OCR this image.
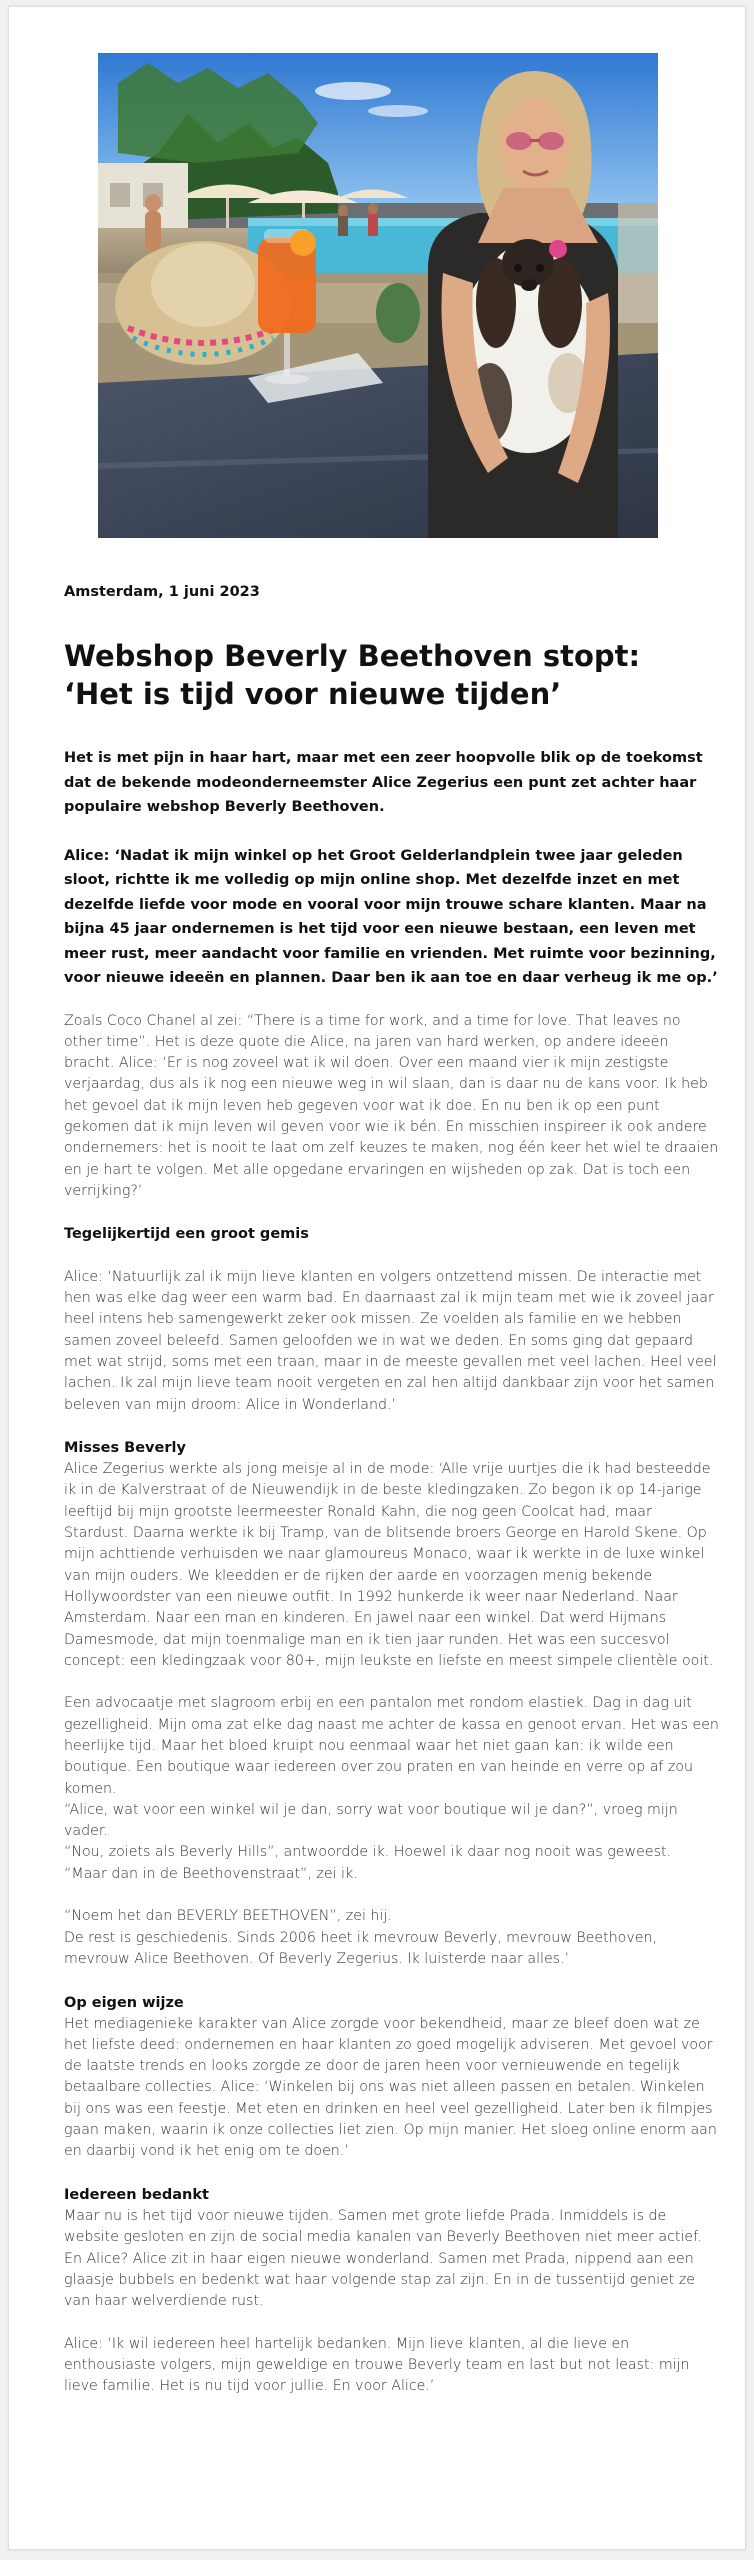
Amsterdam, 1 juni 2023

Webshop Beverly Beethoven stopt:
‘Het is tijd voor nieuwe tijden’

Het is met pijn in haar hart, maar met een zeer hoopvolle blik op de toekomst dat de bekende modeonderneemster Alice Zegerius een punt zet achter haar populaire webshop Beverly Beethoven.

Alice: ‘Nadat ik mijn winkel op het Groot Gelderlandplein twee jaar geleden sloot, richtte ik me volledig op mijn online shop. Met dezelfde inzet en met dezelfde liefde voor mode en vooral voor mijn trouwe schare klanten. Maar na bijna 45 jaar ondernemen is het tijd voor een nieuwe bestaan, een leven met meer rust, meer aandacht voor familie en vrienden. Met ruimte voor bezinning, voor nieuwe ideeën en plannen. Daar ben ik aan toe en daar verheug ik me op.’

Zoals Coco Chanel al zei: “There is a time for work, and a time for love. That leaves no other time”. Het is deze quote die Alice, na jaren van hard werken, op andere ideeën bracht. Alice: ‘Er is nog zoveel wat ik wil doen. Over een maand vier ik mijn zestigste verjaardag, dus als ik nog een nieuwe weg in wil slaan, dan is daar nu de kans voor. Ik heb het gevoel dat ik mijn leven heb gegeven voor wat ik doe. En nu ben ik op een punt gekomen dat ik mijn leven wil geven voor wie ik bén. En misschien inspireer ik ook andere ondernemers: het is nooit te laat om zelf keuzes te maken, nog één keer het wiel te draaien en je hart te volgen. Met alle opgedane ervaringen en wijsheden op zak. Dat is toch een verrijking?’

Tegelijkertijd een groot gemis

Alice: ‘Natuurlijk zal ik mijn lieve klanten en volgers ontzettend missen. De interactie met hen was elke dag weer een warm bad. En daarnaast zal ik mijn team met wie ik zoveel jaar heel intens heb samengewerkt zeker ook missen. Ze voelden als familie en we hebben samen zoveel beleefd. Samen geloofden we in wat we deden. En soms ging dat gepaard met wat strijd, soms met een traan, maar in de meeste gevallen met veel lachen. Heel veel lachen. Ik zal mijn lieve team nooit vergeten en zal hen altijd dankbaar zijn voor het samen beleven van mijn droom: Alice in Wonderland.’

Misses Beverly

Alice Zegerius werkte als jong meisje al in de mode: ‘Alle vrije uurtjes die ik had besteedde ik in de Kalverstraat of de Nieuwendijk in de beste kledingzaken. Zo begon ik op 14-jarige leeftijd bij mijn grootste leermeester Ronald Kahn, die nog geen Coolcat had, maar Stardust. Daarna werkte ik bij Tramp, van de blitsende broers George en Harold Skene. Op mijn achttiende verhuisden we naar glamoureus Monaco, waar ik werkte in de luxe winkel van mijn ouders. We kleedden er de rijken der aarde en voorzagen menig bekende Hollywoordster van een nieuwe outfit. In 1992 hunkerde ik weer naar Nederland. Naar Amsterdam. Naar een man en kinderen. En jawel naar een winkel. Dat werd Hijmans Damesmode, dat mijn toenmalige man en ik tien jaar runden. Het was een succesvol concept: een kledingzaak voor 80+, mijn leukste en liefste en meest simpele clientèle ooit.

Een advocaatje met slagroom erbij en een pantalon met rondom elastiek. Dag in dag uit gezelligheid. Mijn oma zat elke dag naast me achter de kassa en genoot ervan. Het was een heerlijke tijd. Maar het bloed kruipt nou eenmaal waar het niet gaan kan: ik wilde een boutique. Een boutique waar iedereen over zou praten en van heinde en verre op af zou komen.

“Alice, wat voor een winkel wil je dan, sorry wat voor boutique wil je dan?”, vroeg mijn vader.

“Nou, zoiets als Beverly Hills”, antwoordde ik. Hoewel ik daar nog nooit was geweest.

“Maar dan in de Beethovenstraat”, zei ik.

“Noem het dan BEVERLY BEETHOVEN”, zei hij.

De rest is geschiedenis. Sinds 2006 heet ik mevrouw Beverly, mevrouw Beethoven, mevrouw Alice Beethoven. Of Beverly Zegerius. Ik luisterde naar alles.’

Op eigen wijze

Het mediagenieke karakter van Alice zorgde voor bekendheid, maar ze bleef doen wat ze het liefste deed: ondernemen en haar klanten zo goed mogelijk adviseren. Met gevoel voor de laatste trends en looks zorgde ze door de jaren heen voor vernieuwende en tegelijk betaalbare collecties. Alice: ‘Winkelen bij ons was niet alleen passen en betalen. Winkelen bij ons was een feestje. Met eten en drinken en heel veel gezelligheid. Later ben ik filmpjes gaan maken, waarin ik onze collecties liet zien. Op mijn manier. Het sloeg online enorm aan en daarbij vond ik het enig om te doen.’

Iedereen bedankt

Maar nu is het tijd voor nieuwe tijden. Samen met grote liefde Prada. Inmiddels is de website gesloten en zijn de social media kanalen van Beverly Beethoven niet meer actief. En Alice? Alice zit in haar eigen nieuwe wonderland. Samen met Prada, nippend aan een glaasje bubbels en bedenkt wat haar volgende stap zal zijn. En in de tussentijd geniet ze van haar welverdiende rust.

Alice: ‘Ik wil iedereen heel hartelijk bedanken. Mijn lieve klanten, al die lieve en enthousiaste volgers, mijn geweldige en trouwe Beverly team en last but not least: mijn lieve familie. Het is nu tijd voor jullie. En voor Alice.’
